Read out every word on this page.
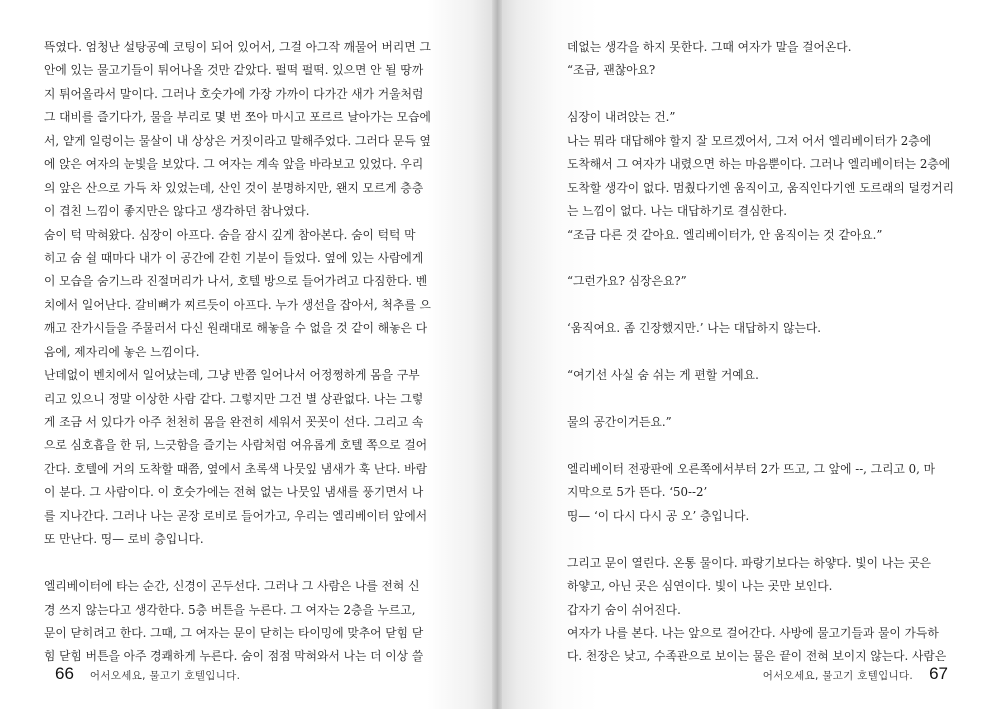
뜩였다. 엄청난 설탕공예 코팅이 되어 있어서, 그걸 아그작 깨물어 버리면 그
안에 있는 물고기들이 튀어나올 것만 같았다. 펄떡 펄떡. 있으면 안 될 땅까
지 튀어올라서 말이다. 그러나 호숫가에 가장 가까이 다가간 새가 거울처럼
그 대비를 즐기다가, 물을 부리로 몇 번 쪼아 마시고 포르르 날아가는 모습에
서, 얕게 일렁이는 물살이 내 상상은 거짓이라고 말해주었다. 그러다 문득 옆
에 앉은 여자의 눈빛을 보았다. 그 여자는 계속 앞을 바라보고 있었다. 우리
의 앞은 산으로 가득 차 있었는데, 산인 것이 분명하지만, 왠지 모르게 층층
이 겹친 느낌이 좋지만은 않다고 생각하던 참나였다.
숨이 턱 막혀왔다. 심장이 아프다. 숨을 잠시 깊게 참아본다. 숨이 턱턱 막
히고 숨 쉴 때마다 내가 이 공간에 갇힌 기분이 들었다. 옆에 있는 사람에게
이 모습을 숨기느라 진절머리가 나서, 호텔 방으로 들어가려고 다짐한다. 벤
치에서 일어난다. 갈비뼈가 찌르듯이 아프다. 누가 생선을 잡아서, 척추를 으
깨고 잔가시들을 주물러서 다신 원래대로 해놓을 수 없을 것 같이 해놓은 다
음에, 제자리에 놓은 느낌이다.
난데없이 벤치에서 일어났는데, 그냥 반쯤 일어나서 어정쩡하게 몸을 구부
리고 있으니 정말 이상한 사람 같다. 그렇지만 그건 별 상관없다. 나는 그렇
게 조금 서 있다가 아주 천천히 몸을 완전히 세워서 꼿꼿이 선다. 그리고 속
으로 심호흡을 한 뒤, 느긋함을 즐기는 사람처럼 여유롭게 호텔 쪽으로 걸어
간다. 호텔에 거의 도착할 때쯤, 옆에서 초록색 나뭇잎 냄새가 훅 난다. 바람
이 분다. 그 사람이다. 이 호숫가에는 전혀 없는 나뭇잎 냄새를 풍기면서 나
를 지나간다. 그러나 나는 곧장 로비로 들어가고, 우리는 엘리베이터 앞에서
또 만난다. 띵— 로비 층입니다.
엘리베이터에 타는 순간, 신경이 곤두선다. 그러나 그 사람은 나를 전혀 신
경 쓰지 않는다고 생각한다. 5층 버튼을 누른다. 그 여자는 2층을 누르고,
문이 닫히려고 한다. 그때, 그 여자는 문이 닫히는 타이밍에 맞추어 닫힘 닫
힘 닫힘 버튼을 아주 경쾌하게 누른다. 숨이 점점 막혀와서 나는 더 이상 쓸
66 어서오세요, 물고기 호텔입니다.
데없는 생각을 하지 못한다. 그때 여자가 말을 걸어온다.
“조금, 괜찮아요?
심장이 내려앉는 건.”
나는 뭐라 대답해야 할지 잘 모르겠어서, 그저 어서 엘리베이터가 2층에
도착해서 그 여자가 내렸으면 하는 마음뿐이다. 그러나 엘리베이터는 2층에
도착할 생각이 없다. 멈췄다기엔 움직이고, 움직인다기엔 도르래의 덜컹거리
는 느낌이 없다. 나는 대답하기로 결심한다.
“조금 다른 것 같아요. 엘리베이터가, 안 움직이는 것 같아요.”
“그런가요? 심장은요?”
‘움직여요. 좀 긴장했지만.’ 나는 대답하지 않는다.
“여기선 사실 숨 쉬는 게 편할 거예요.
물의 공간이거든요.”
엘리베이터 전광판에 오른쪽에서부터 2가 뜨고, 그 앞에 --, 그리고 0, 마
지막으로 5가 뜬다. ‘50--2’
띵— ‘이 다시 다시 공 오’ 층입니다.
그리고 문이 열린다. 온통 물이다. 파랑기보다는 하얗다. 빛이 나는 곳은
하얗고, 아닌 곳은 심연이다. 빛이 나는 곳만 보인다.
갑자기 숨이 쉬어진다.
여자가 나를 본다. 나는 앞으로 걸어간다. 사방에 물고기들과 물이 가득하
다. 천장은 낮고, 수족관으로 보이는 물은 끝이 전혀 보이지 않는다. 사람은
어서오세요, 물고기 호텔입니다. 67
